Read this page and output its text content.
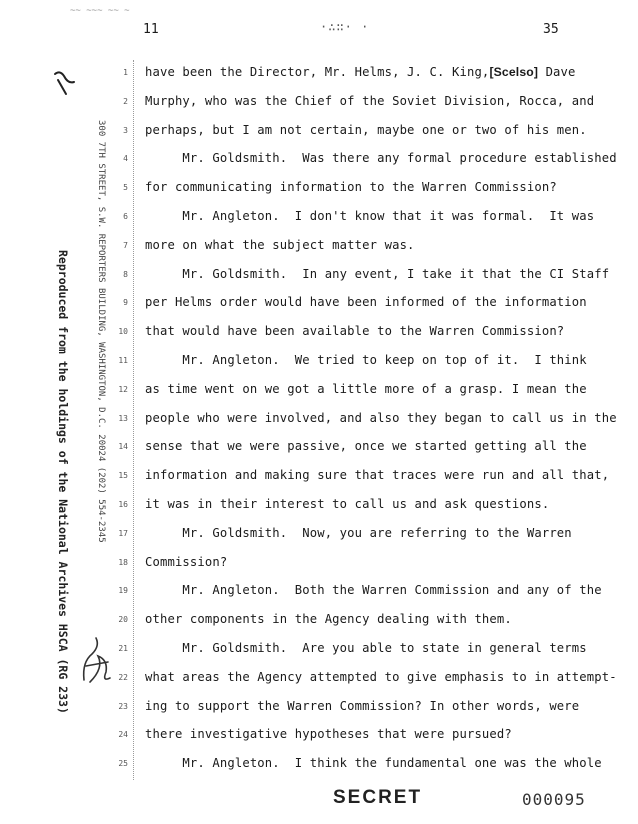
~~ ~~~ ~~ ~
11	·∴∷· ·	35
Reproduced from the holdings of the National Archives HSCA (RG 233)	300 7TH STREET, S.W. REPORTERS BUILDING, WASHINGTON, D.C. 20024 (202) 554-2345
1
2
3
4
5
6
7
8
9
10
11
12
13
14
15
16
17
18
19
20
21
22
23
24
25
have been the Director, Mr. Helms, J. C. King,[Scelso] Dave
Murphy, who was the Chief of the Soviet Division, Rocca, and
perhaps, but I am not certain, maybe one or two of his men.
Mr. Goldsmith.  Was there any formal procedure established
for communicating information to the Warren Commission?
Mr. Angleton.  I don't know that it was formal.  It was
more on what the subject matter was.
Mr. Goldsmith.  In any event, I take it that the CI Staff
per Helms order would have been informed of the information
that would have been available to the Warren Commission?
Mr. Angleton.  We tried to keep on top of it.  I think
as time went on we got a little more of a grasp. I mean the
people who were involved, and also they began to call us in the
sense that we were passive, once we started getting all the
information and making sure that traces were run and all that,
it was in their interest to call us and ask questions.
Mr. Goldsmith.  Now, you are referring to the Warren
Commission?
Mr. Angleton.  Both the Warren Commission and any of the
other components in the Agency dealing with them.
Mr. Goldsmith.  Are you able to state in general terms
what areas the Agency attempted to give emphasis to in attempt-
ing to support the Warren Commission? In other words, were
there investigative hypotheses that were pursued?
Mr. Angleton.  I think the fundamental one was the whole
SECRET	000095
